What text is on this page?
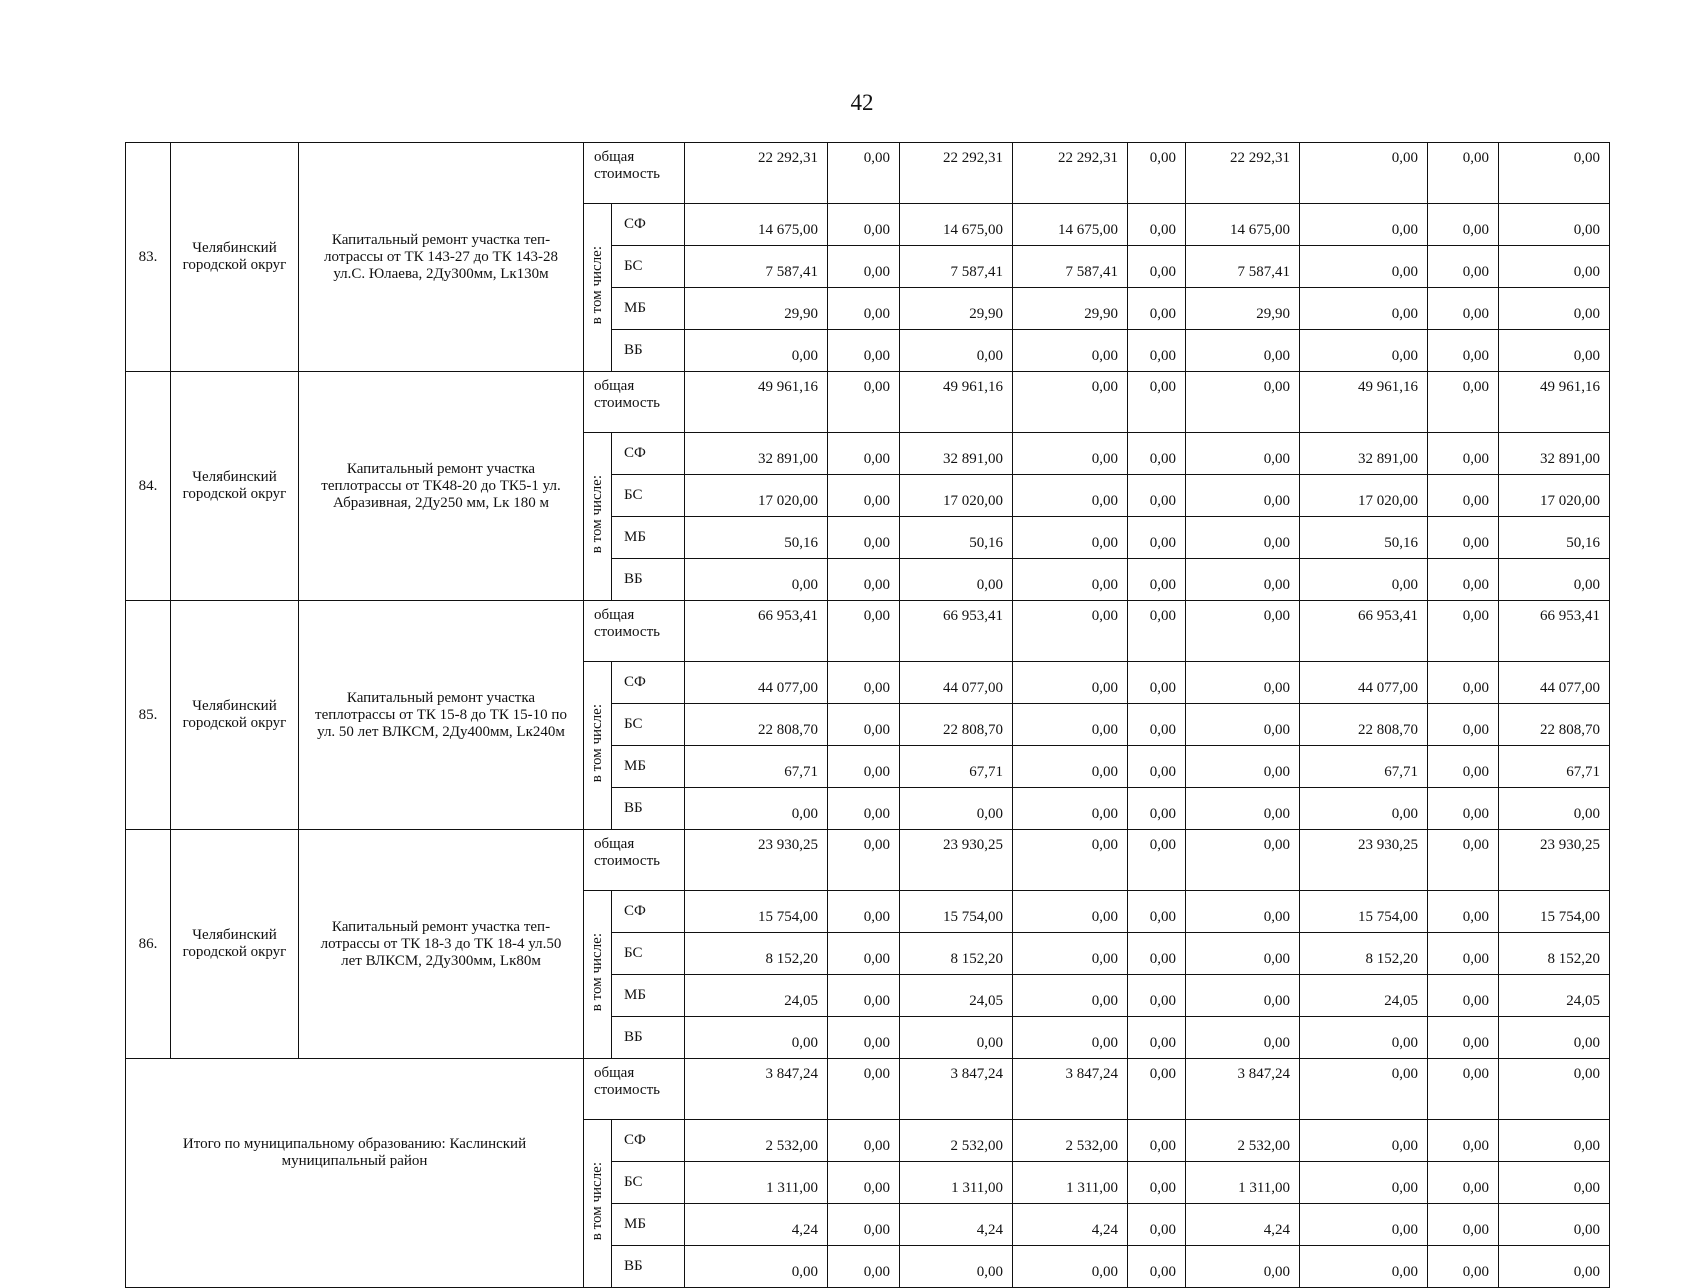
42
83.	Челябинский городской округ	Капитальный ремонт участка теп-лотрассы от ТК 143-27 до ТК 143-28 ул.С. Юлаева, 2Ду300мм, Lк130м	общая стоимость		22 292,31	0,00	22 292,31	22 292,31	0,00	22 292,31	0,00	0,00	0,00
			в том числе:	СФ	14 675,00	0,00	14 675,00	14 675,00	0,00	14 675,00	0,00	0,00	0,00
				БС	7 587,41	0,00	7 587,41	7 587,41	0,00	7 587,41	0,00	0,00	0,00
				МБ	29,90	0,00	29,90	29,90	0,00	29,90	0,00	0,00	0,00
				ВБ	0,00	0,00	0,00	0,00	0,00	0,00	0,00	0,00	0,00
84.	Челябинский городской округ	Капитальный ремонт участка теплотрассы от ТК48-20 до ТК5-1 ул. Абразивная, 2Ду250 мм, Lк 180 м	общая стоимость		49 961,16	0,00	49 961,16	0,00	0,00	0,00	49 961,16	0,00	49 961,16
			в том числе:	СФ	32 891,00	0,00	32 891,00	0,00	0,00	0,00	32 891,00	0,00	32 891,00
				БС	17 020,00	0,00	17 020,00	0,00	0,00	0,00	17 020,00	0,00	17 020,00
				МБ	50,16	0,00	50,16	0,00	0,00	0,00	50,16	0,00	50,16
				ВБ	0,00	0,00	0,00	0,00	0,00	0,00	0,00	0,00	0,00
85.	Челябинский городской округ	Капитальный ремонт участка теплотрассы от ТК 15-8 до ТК 15-10 по ул. 50 лет ВЛКСМ, 2Ду400мм, Lк240м	общая стоимость		66 953,41	0,00	66 953,41	0,00	0,00	0,00	66 953,41	0,00	66 953,41
			в том числе:	СФ	44 077,00	0,00	44 077,00	0,00	0,00	0,00	44 077,00	0,00	44 077,00
				БС	22 808,70	0,00	22 808,70	0,00	0,00	0,00	22 808,70	0,00	22 808,70
				МБ	67,71	0,00	67,71	0,00	0,00	0,00	67,71	0,00	67,71
				ВБ	0,00	0,00	0,00	0,00	0,00	0,00	0,00	0,00	0,00
86.	Челябинский городской округ	Капитальный ремонт участка теп-лотрассы от ТК 18-3 до ТК 18-4 ул.50 лет ВЛКСМ, 2Ду300мм, Lк80м	общая стоимость		23 930,25	0,00	23 930,25	0,00	0,00	0,00	23 930,25	0,00	23 930,25
			в том числе:	СФ	15 754,00	0,00	15 754,00	0,00	0,00	0,00	15 754,00	0,00	15 754,00
				БС	8 152,20	0,00	8 152,20	0,00	0,00	0,00	8 152,20	0,00	8 152,20
				МБ	24,05	0,00	24,05	0,00	0,00	0,00	24,05	0,00	24,05
				ВБ	0,00	0,00	0,00	0,00	0,00	0,00	0,00	0,00	0,00
Итого по муниципальному образованию: Каслинский муниципальный район			общая стоимость		3 847,24	0,00	3 847,24	3 847,24	0,00	3 847,24	0,00	0,00	0,00
			в том числе:	СФ	2 532,00	0,00	2 532,00	2 532,00	0,00	2 532,00	0,00	0,00	0,00
				БС	1 311,00	0,00	1 311,00	1 311,00	0,00	1 311,00	0,00	0,00	0,00
				МБ	4,24	0,00	4,24	4,24	0,00	4,24	0,00	0,00	0,00
				ВБ	0,00	0,00	0,00	0,00	0,00	0,00	0,00	0,00	0,00
